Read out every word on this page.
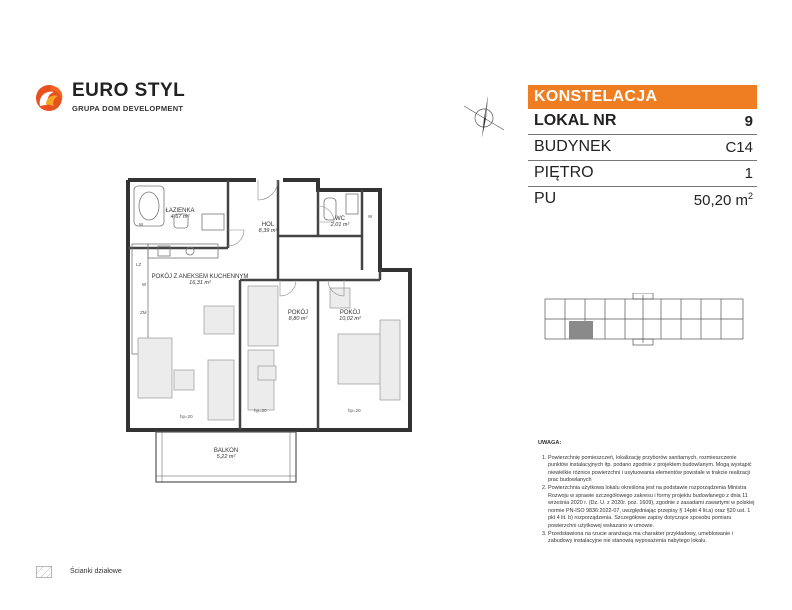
EURO STYL
GRUPA DOM DEVELOPMENT
ŁAZIENKA
4,67 m²
HOL
8,39 m²
WC
2,01 m²
POKÓJ Z ANEKSEM KUCHENNYM
16,31 m²
POKÓJ
8,80 m²
POKÓJ
10,02 m²
BALKON
5,22 m²
W
W
W
LZ
ZM
hp=20
hp=20	hp=20
KONSTELACJA
LOKAL NR	9
BUDYNEK	C14
PIĘTRO	1
PU	50,20 $m^2$
UWAGA:
1. Powierzchnię pomieszczeń, lokalizację przyborów sanitarnych, rozmieszczenie punktów instalacyjnych itp. podano zgodnie z projektem budowlanym. Mogą wystąpić niewielkie różnice powierzchni i usytuowania elementów powstałe w trakcie realizacji prac budowlanych
2. Powierzchnia użytkowa lokalu określona jest na podstawie rozporządzenia Ministra Rozwoju w sprawie szczegółowego zakresu i formy projektu budowlanego z dnia 11 września 2020 r. (Dz. U. z 2020r. poz. 1609), zgodnie z zasadami zawartymi w polskiej normie PN-ISO 9836:2022-07, uwzględniając przepisy § 14pkt 4 lit.a) oraz §20 ust. 1 pkt 4 lit. b) rozporządzenia. Szczegółowe zapisy dotyczące sposobu pomiaru powierzchni użytkowej wskazano w umowie.
3. Przedstawiona na rzucie aranżacja ma charakter przykładowy, umeblowanie i zabudowy instalacyjne nie stanowią wyposażenia nabytego lokalu.
Ścianki działowe
